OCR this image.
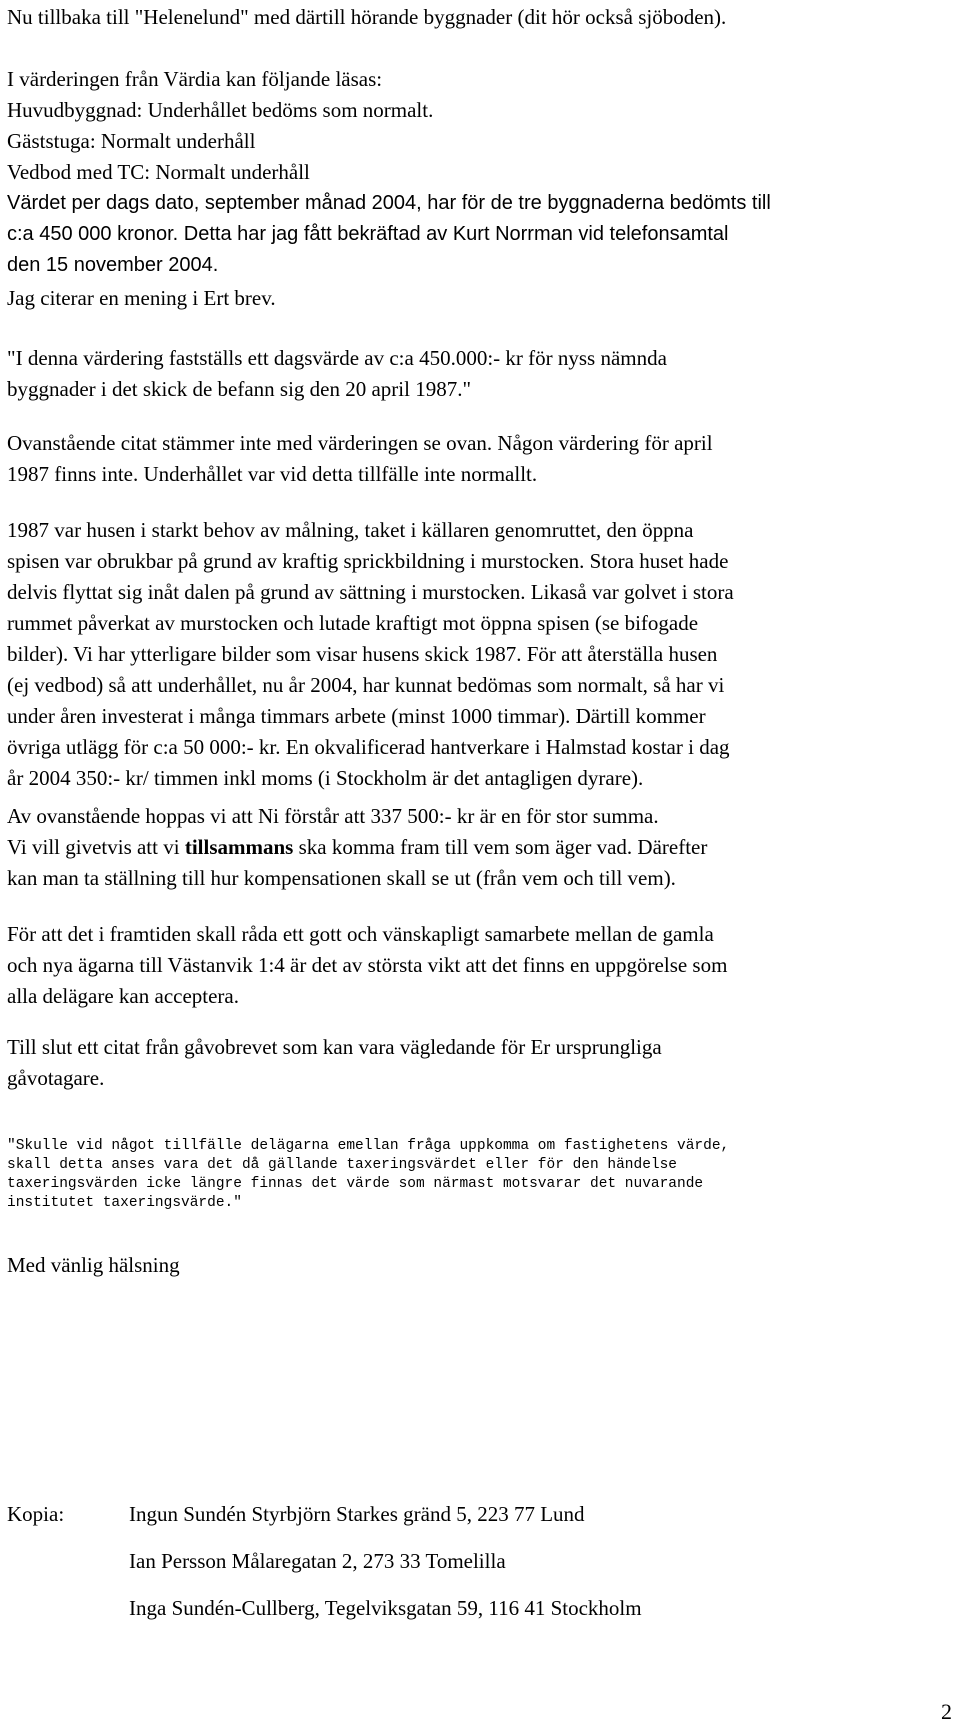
Nu tillbaka till "Helenelund" med därtill hörande byggnader (dit hör också sjöboden).
I värderingen från Värdia kan följande läsas:
Huvudbyggnad: Underhållet bedöms som normalt.
Gäststuga: Normalt underhåll
Vedbod med TC: Normalt underhåll
Värdet per dags dato, september månad 2004, har för de tre byggnaderna bedömts till
c:a 450 000 kronor. Detta har jag fått bekräftad av Kurt Norrman vid telefonsamtal
den 15 november 2004.
Jag citerar en mening i Ert brev.
"I denna värdering fastställs ett dagsvärde av c:a 450.000:- kr för nyss nämnda
byggnader i det skick de befann sig den 20 april 1987."
Ovanstående citat stämmer inte med värderingen se ovan. Någon värdering för april
1987 finns inte. Underhållet var vid detta tillfälle inte normallt.
1987 var husen i starkt behov av målning, taket i källaren genomruttet, den öppna
spisen var obrukbar på grund av kraftig sprickbildning i murstocken. Stora huset hade
delvis flyttat sig inåt dalen på grund av sättning i murstocken. Likaså var golvet i stora
rummet påverkat av murstocken och lutade kraftigt mot öppna spisen (se bifogade
bilder). Vi har ytterligare bilder som visar husens skick 1987. För att återställa husen
(ej vedbod) så att underhållet, nu år 2004, har kunnat bedömas som normalt, så har vi
under åren investerat i många timmars arbete (minst 1000 timmar). Därtill kommer
övriga utlägg för c:a 50 000:- kr. En okvalificerad hantverkare i Halmstad kostar i dag
år 2004 350:- kr/ timmen inkl moms (i Stockholm är det antagligen dyrare).
Av ovanstående hoppas vi att Ni förstår att 337 500:- kr är en för stor summa.
Vi vill givetvis att vi tillsammans ska komma fram till vem som äger vad. Därefter
kan man ta ställning till hur kompensationen skall se ut (från vem och till vem).
För att det i framtiden skall råda ett gott och vänskapligt samarbete mellan de gamla
och nya ägarna till Västanvik 1:4 är det av största vikt att det finns en uppgörelse som
alla delägare kan acceptera.
Till slut ett citat från gåvobrevet som kan vara vägledande för Er ursprungliga
gåvotagare.
"Skulle vid något tillfälle delägarna emellan fråga uppkomma om fastighetens värde,
skall detta anses vara det då gällande taxeringsvärdet eller för den händelse
taxeringsvärden icke längre finnas det värde som närmast motsvarar det nuvarande
institutet taxeringsvärde."
Med vänlig hälsning
Kopia:	Ingun Sundén Styrbjörn Starkes gränd 5, 223 77 Lund
Ian Persson Målaregatan 2, 273 33 Tomelilla
Inga Sundén-Cullberg, Tegelviksgatan 59, 116 41 Stockholm
2
